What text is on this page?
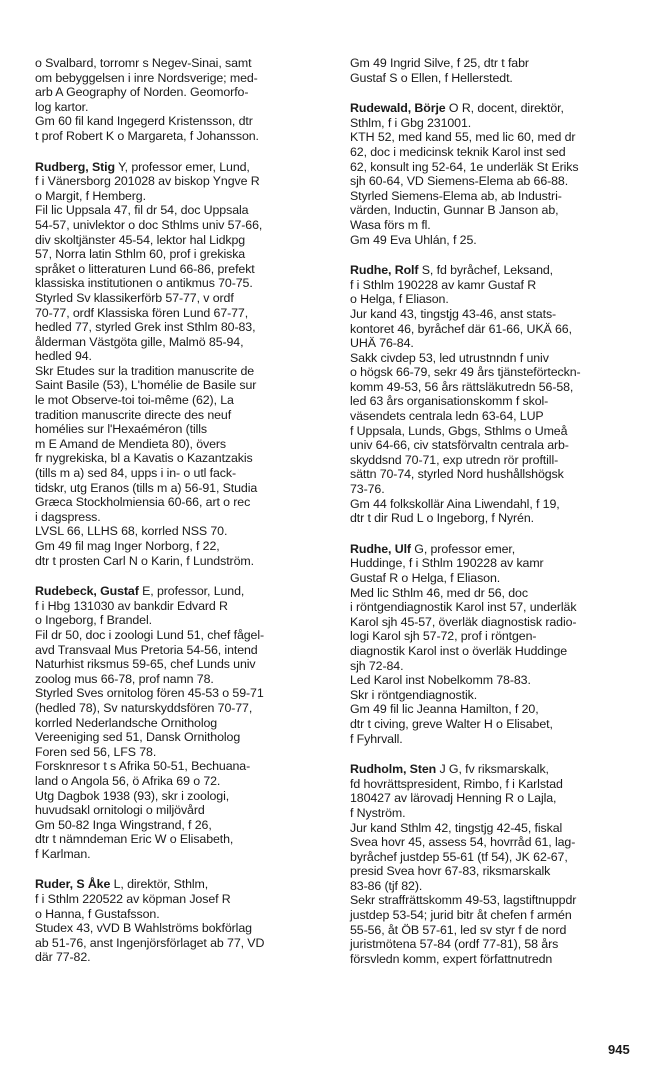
o Svalbard, torromr s Negev-Sinai, samt
om bebyggelsen i inre Nordsverige; med-
arb A Geography of Norden. Geomorfo-
log kartor.

Gm 60 fil kand Ingegerd Kristensson, dtr
t prof Robert K o Margareta, f Johansson.

Rudberg, Stig Y, professor emer, Lund,
f i Vänersborg 201028 av biskop Yngve R
o Margit, f Hemberg.

Fil lic Uppsala 47, fil dr 54, doc Uppsala
54-57, univlektor o doc Sthlms univ 57-66,
div skoltjänster 45-54, lektor hal Lidkpg
57, Norra latin Sthlm 60, prof i grekiska
språket o litteraturen Lund 66-86, prefekt
klassiska institutionen o antikmus 70-75.
Styrled Sv klassikerförb 57-77, v ordf
70-77, ordf Klassiska fören Lund 67-77,
hedled 77, styrled Grek inst Sthlm 80-83,
ålderman Västgöta gille, Malmö 85-94,
hedled 94.

Skr Etudes sur la tradition manuscrite de
Saint Basile (53), L'homélie de Basile sur
le mot Observe-toi toi-même (62), La
tradition manuscrite directe des neuf
homélies sur l'Hexaéméron (tills
m E Amand de Mendieta 80), övers
fr nygrekiska, bl a Kavatis o Kazantzakis
(tills m a) sed 84, upps i in- o utl fack-
tidskr, utg Eranos (tills m a) 56-91, Studia
Græca Stockholmiensia 60-66, art o rec
i dagspress.

LVSL 66, LLHS 68, korrled NSS 70.

Gm 49 fil mag Inger Norborg, f 22,
dtr t prosten Carl N o Karin, f Lundström.

Rudebeck, Gustaf E, professor, Lund,
f i Hbg 131030 av bankdir Edvard R
o Ingeborg, f Brandel.

Fil dr 50, doc i zoologi Lund 51, chef fågel-
avd Transvaal Mus Pretoria 54-56, intend
Naturhist riksmus 59-65, chef Lunds univ
zoolog mus 66-78, prof namn 78.

Styrled Sves ornitolog fören 45-53 o 59-71
(hedled 78), Sv naturskyddsfören 70-77,
korrled Nederlandsche Ornitholog
Vereeniging sed 51, Dansk Ornitholog
Foren sed 56, LFS 78.

Forsknresor t s Afrika 50-51, Bechuana-
land o Angola 56, ö Afrika 69 o 72.

Utg Dagbok 1938 (93), skr i zoologi,
huvudsakl ornitologi o miljövård

Gm 50-82 Inga Wingstrand, f 26,
dtr t nämndeman Eric W o Elisabeth,
f Karlman.

Ruder, S Åke L, direktör, Sthlm,
f i Sthlm 220522 av köpman Josef R
o Hanna, f Gustafsson.

Studex 43, vVD B Wahlströms bokförlag
ab 51-76, anst Ingenjörsförlaget ab 77, VD
där 77-82.

Gm 49 Ingrid Silve, f 25, dtr t fabr
Gustaf S o Ellen, f Hellerstedt.

Rudewald, Börje O R, docent, direktör,
Sthlm, f i Gbg 231001.

KTH 52, med kand 55, med lic 60, med dr
62, doc i medicinsk teknik Karol inst sed
62, konsult ing 52-64, 1e underläk St Eriks
sjh 60-64, VD Siemens-Elema ab 66-88.
Styrled Siemens-Elema ab, ab Industri-
värden, Inductin, Gunnar B Janson ab,
Wasa förs m fl.

Gm 49 Eva Uhlán, f 25.

Rudhe, Rolf S, fd byråchef, Leksand,
f i Sthlm 190228 av kamr Gustaf R
o Helga, f Eliason.

Jur kand 43, tingstjg 43-46, anst stats-
kontoret 46, byråchef där 61-66, UKÄ 66,
UHÄ 76-84.

Sakk civdep 53, led utrustnndn f univ
o högsk 66-79, sekr 49 års tjänsteförteckn-
komm 49-53, 56 års rättsläkutredn 56-58,
led 63 års organisationskomm f skol-
väsendets centrala ledn 63-64, LUP
f Uppsala, Lunds, Gbgs, Sthlms o Umeå
univ 64-66, civ statsförvaltn centrala arb-
skyddsnd 70-71, exp utredn rör proftill-
sättn 70-74, styrled Nord hushållshögsk
73-76.

Gm 44 folkskollär Aina Liwendahl, f 19,
dtr t dir Rud L o Ingeborg, f Nyrén.

Rudhe, Ulf G, professor emer,
Huddinge, f i Sthlm 190228 av kamr
Gustaf R o Helga, f Eliason.

Med lic Sthlm 46, med dr 56, doc
i röntgendiagnostik Karol inst 57, underläk
Karol sjh 45-57, överläk diagnostisk radio-
logi Karol sjh 57-72, prof i röntgen-
diagnostik Karol inst o överläk Huddinge
sjh 72-84.

Led Karol inst Nobelkomm 78-83.

Skr i röntgendiagnostik.

Gm 49 fil lic Jeanna Hamilton, f 20,
dtr t civing, greve Walter H o Elisabet,
f Fyhrvall.

Rudholm, Sten J G, fv riksmarskalk,
fd hovrättspresident, Rimbo, f i Karlstad
180427 av lärovadj Henning R o Lajla,
f Nyström.

Jur kand Sthlm 42, tingstjg 42-45, fiskal
Svea hovr 45, assess 54, hovrråd 61, lag-
byråchef justdep 55-61 (tf 54), JK 62-67,
presid Svea hovr 67-83, riksmarskalk
83-86 (tjf 82).

Sekr straffrättskomm 49-53, lagstiftnuppdr
justdep 53-54; jurid bitr åt chefen f armén
55-56, åt ÖB 57-61, led sv styr f de nord
juristmötena 57-84 (ordf 77-81), 58 års
försvledn komm, expert författnutredn

945
